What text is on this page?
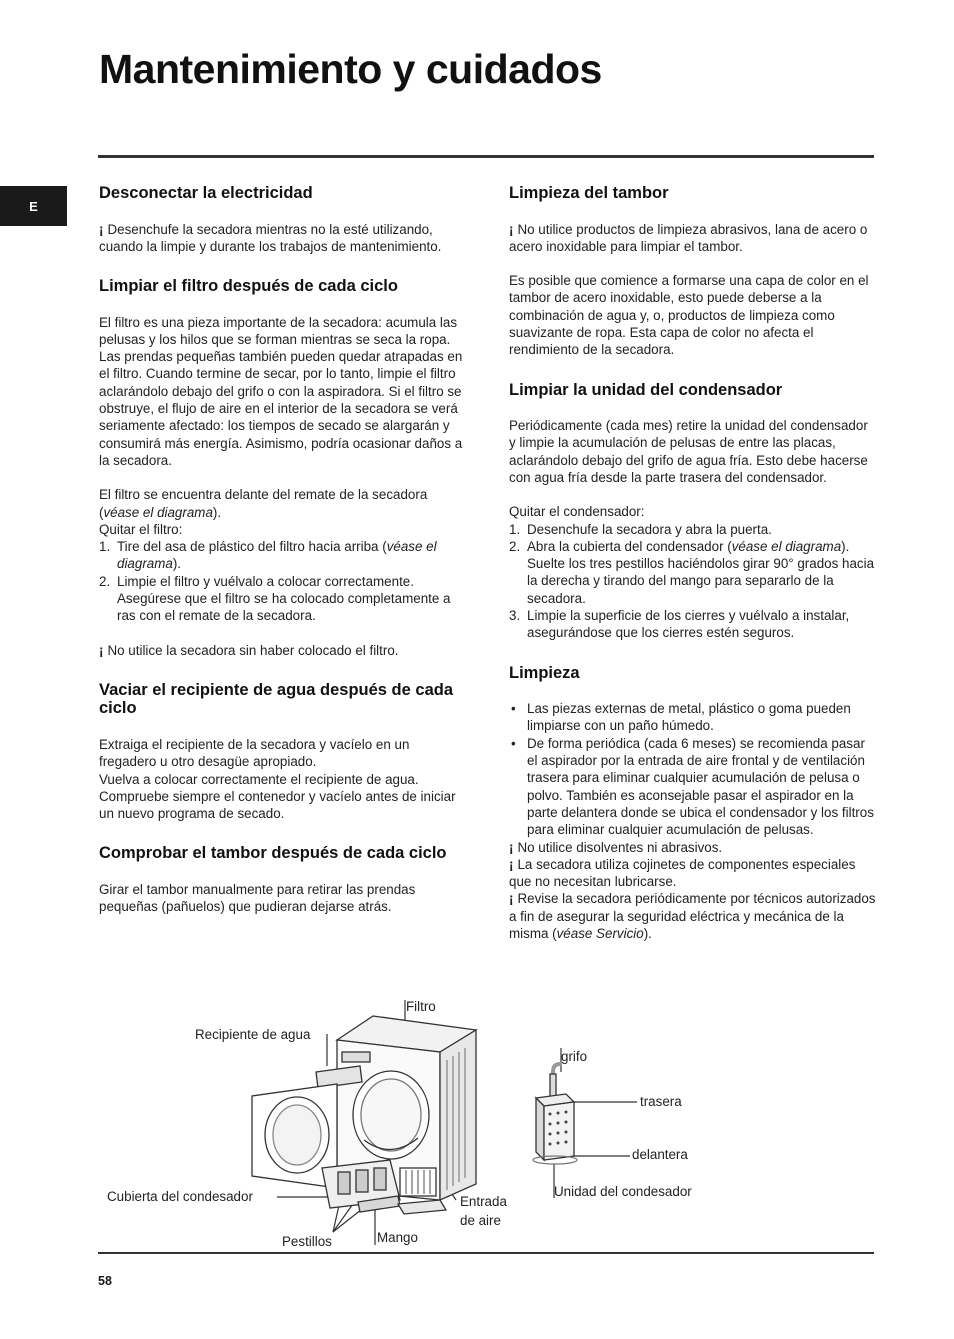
Mantenimiento y cuidados
E
Desconectar la electricidad

¡ Desenchufe la secadora mientras no la esté utilizando, cuando la limpie y durante los trabajos de mantenimiento.

Limpiar el filtro después de cada ciclo

El filtro es una pieza importante de la secadora: acumula las pelusas y los hilos que se forman mientras se seca la ropa. Las prendas pequeñas también pueden quedar atrapadas en el filtro. Cuando termine de secar, por lo tanto, limpie el filtro aclarándolo debajo del grifo o con la aspiradora. Si el filtro se obstruye, el flujo de aire en el interior de la secadora se verá seriamente afectado: los tiempos de secado se alargarán y consumirá más energía. Asimismo, podría ocasionar daños a la secadora.

El filtro se encuentra delante del remate de la secadora (véase el diagrama).

Quitar el filtro:

1. Tire del asa de plástico del filtro hacia arriba (véase el diagrama).
2. Limpie el filtro y vuélvalo a colocar correctamente. Asegúrese que el filtro se ha colocado completamente a ras con el remate de la secadora.

¡ No utilice la secadora sin haber colocado el filtro.

Vaciar el recipiente de agua después de cada ciclo

Extraiga el recipiente de la secadora y vacíelo en un fregadero u otro desagüe apropiado.

Vuelva a colocar correctamente el recipiente de agua.

Compruebe siempre el contenedor y vacíelo antes de iniciar un nuevo programa de secado.

Comprobar el tambor después de cada ciclo

Girar el tambor manualmente para retirar las prendas pequeñas (pañuelos) que pudieran dejarse atrás.

Limpieza del tambor

¡ No utilice productos de limpieza abrasivos, lana de acero o acero inoxidable para limpiar el tambor.

Es posible que comience a formarse una capa de color en el tambor de acero inoxidable, esto puede deberse a la combinación de agua y, o, productos de limpieza como suavizante de ropa. Esta capa de color no afecta el rendimiento de la secadora.

Limpiar la unidad del condensador

Periódicamente (cada mes) retire la unidad del condensador y limpie la acumulación de pelusas de entre las placas, aclarándolo debajo del grifo de agua fría. Esto debe hacerse con agua fría desde la parte trasera del condensador.

Quitar el condensador:

1. Desenchufe la secadora y abra la puerta.
2. Abra la cubierta del condensador (véase el diagrama). Suelte los tres pestillos haciéndolos girar 90° grados hacia la derecha y tirando del mango para separarlo de la secadora.
3. Limpie la superficie de los cierres y vuélvalo a instalar, asegurándose que los cierres estén seguros.
Limpieza
• Las piezas externas de metal, plástico o goma pueden limpiarse con un paño húmedo.
• De forma periódica (cada 6 meses) se recomienda pasar el aspirador por la entrada de aire frontal y de ventilación trasera para eliminar cualquier acumulación de pelusa o polvo. También es aconsejable pasar el aspirador en la parte delantera donde se ubica el condensador y los filtros para eliminar cualquier acumulación de pelusas.

¡ No utilice disolventes ni abrasivos.

¡ La secadora utiliza cojinetes de componentes especiales que no necesitan lubricarse.

¡ Revise la secadora periódicamente por técnicos autorizados a fin de asegurar la seguridad eléctrica y mecánica de la misma (véase Servicio).

Filtro
Recipiente de agua
Cubierta del condesador
Pestillos	Mango
Entrada
de aire
grifo
trasera
delantera
Unidad del condesador
58
